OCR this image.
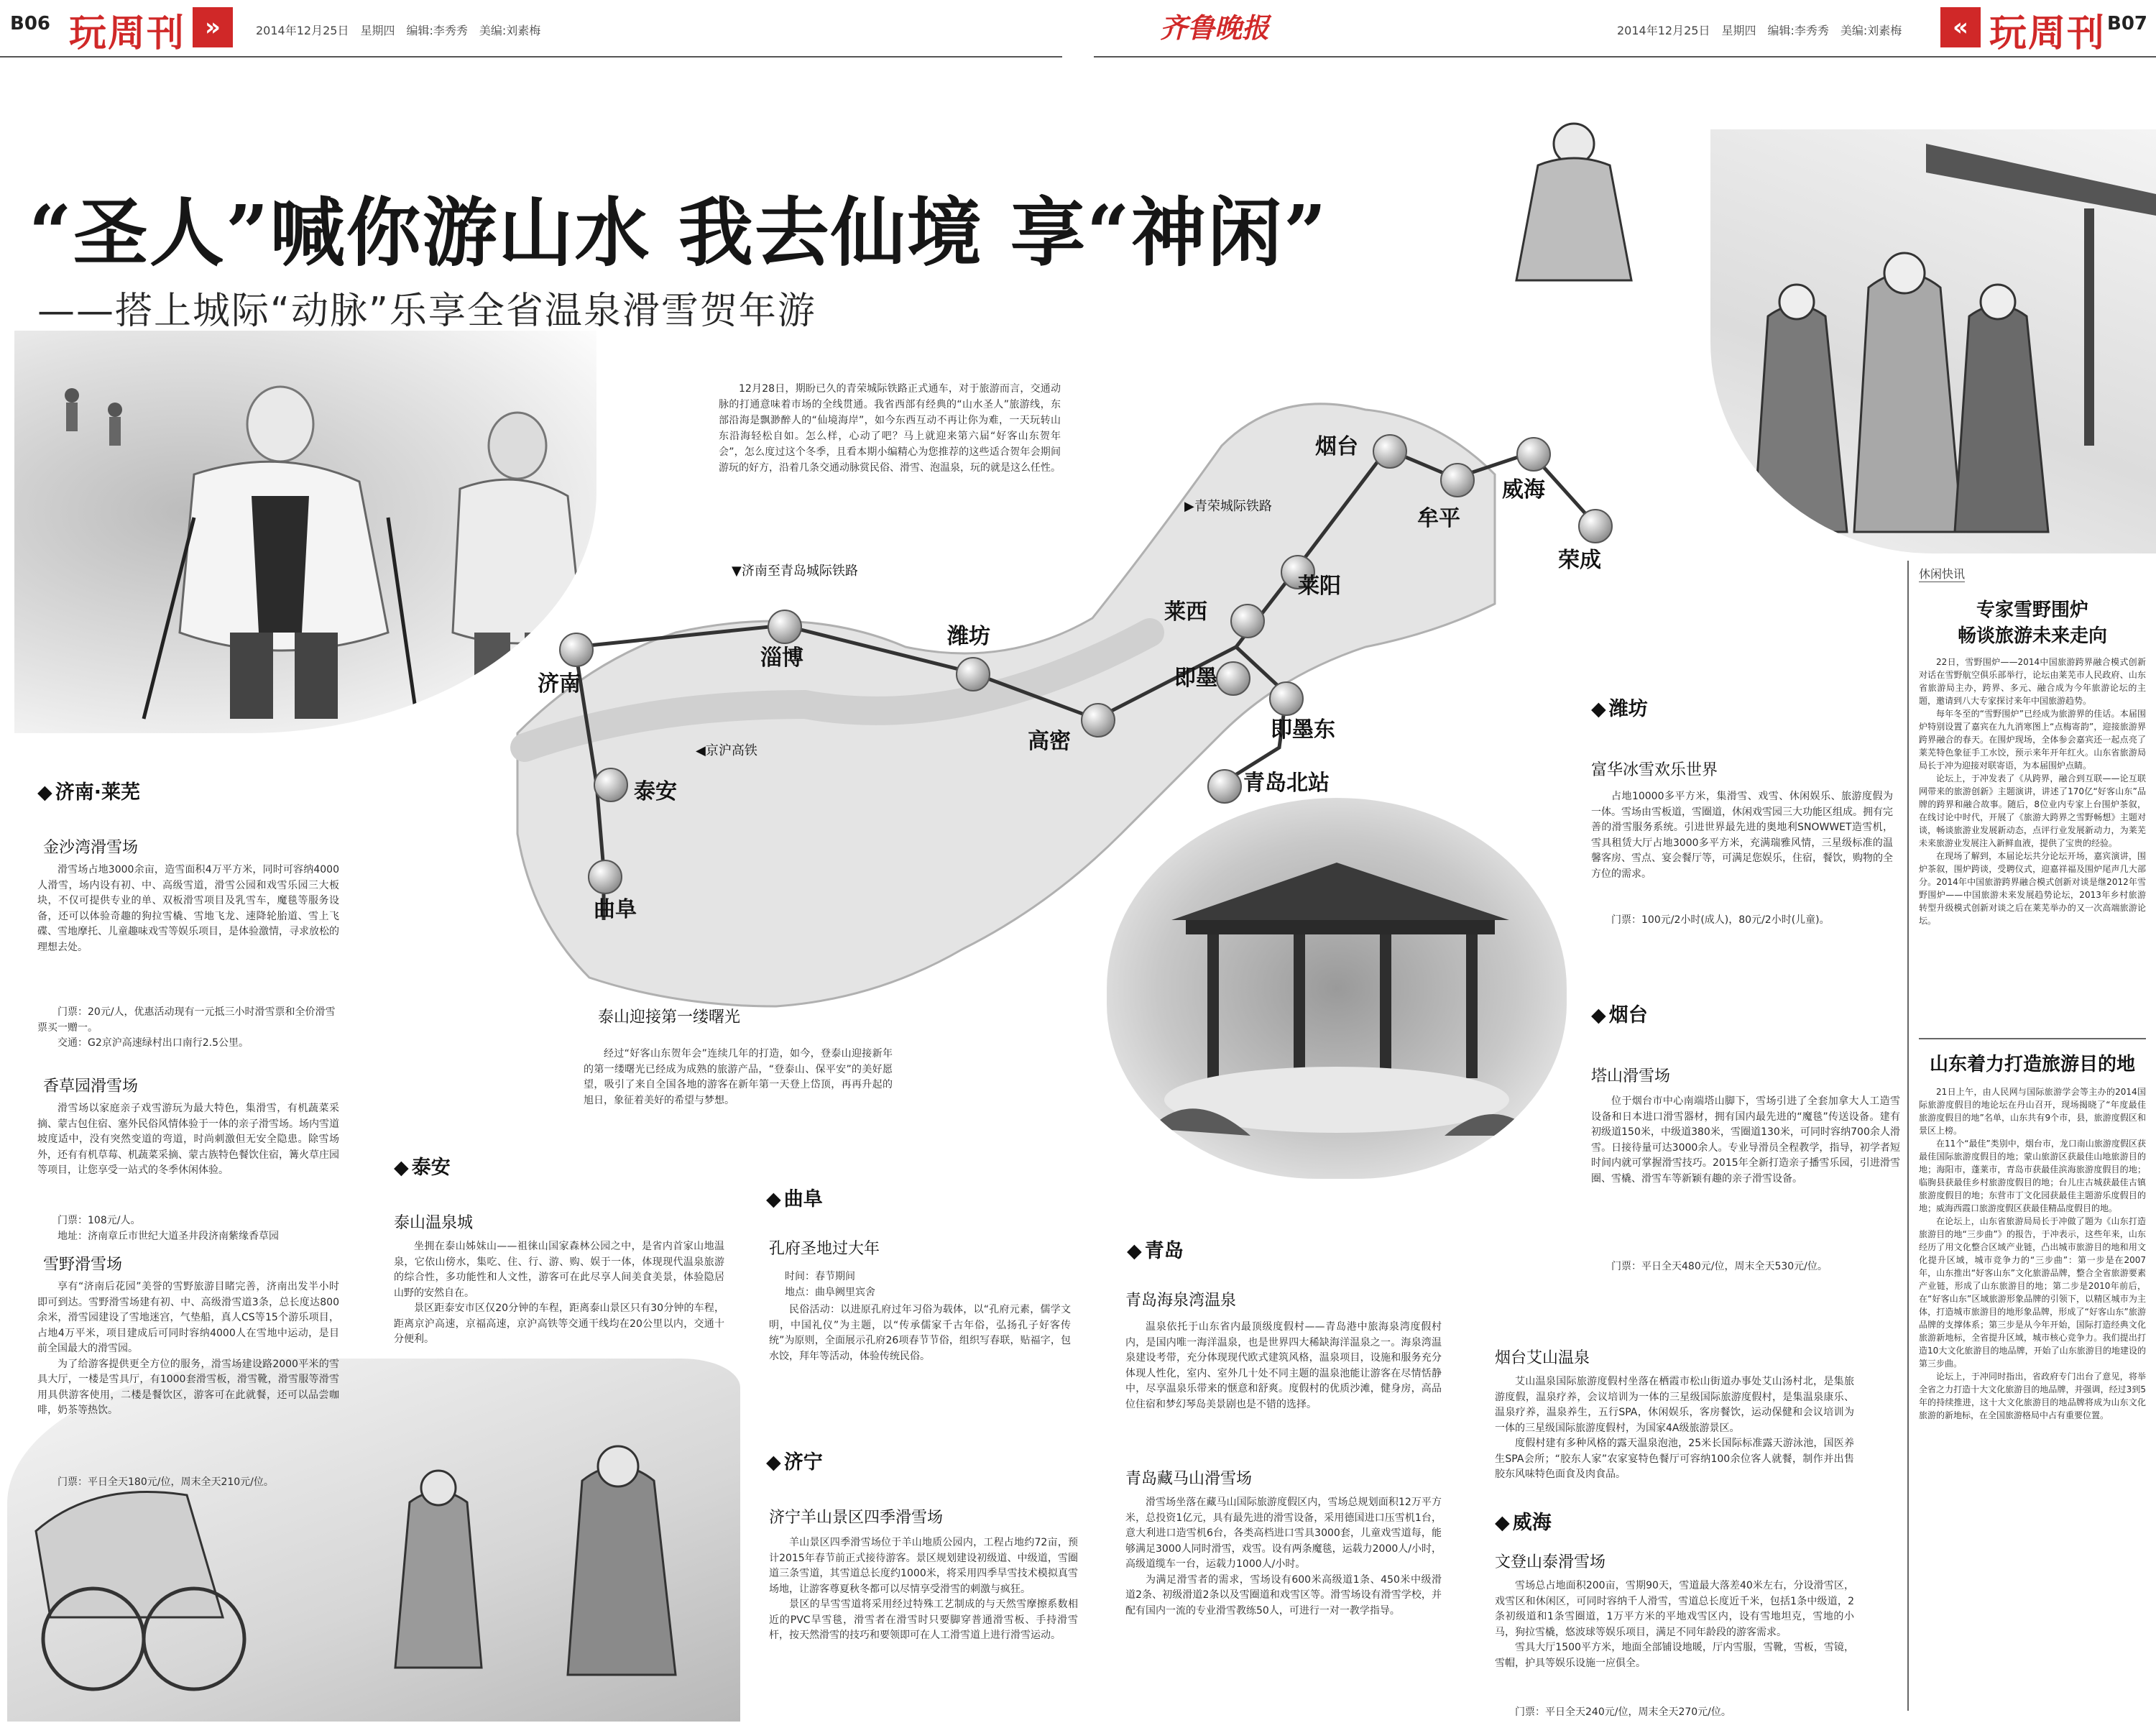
B06 玩周刊 »	2014年12月25日　星期四　编辑:李秀秀　美编:刘素梅	齐鲁晚报	2014年12月25日　星期四　编辑:李秀秀　美编:刘素梅	« 玩周刊 B07
“圣人”喊你游山水 我去仙境 享“神闲”
——搭上城际“动脉”乐享全省温泉滑雪贺年游

12月28日，期盼已久的青荣城际铁路正式通车，对于旅游而言，交通动脉的打通意味着市场的全线贯通。我省西部有经典的“山水圣人”旅游线，东部沿海是飘渺醉人的“仙境海岸”，如今东西互动不再让你为难，一天玩转山东沿海轻松自如。怎么样，心动了吧？马上就迎来第六届“好客山东贺年会”，怎么度过这个冬季，且看本期小编精心为您推荐的这些适合贺年会期间游玩的好方，沿着几条交通动脉赏民俗、滑雪、泡温泉，玩的就是这么任性。

▶青荣城际铁路
▼济南至青岛城际铁路
◀京沪高铁
烟台
牟平
威海
荣成
莱阳
莱西
即墨
即墨东
青岛北站
高密
潍坊
淄博
济南
泰安
曲阜
◆ 济南·莱芜
金沙湾滑雪场

滑雪场占地3000余亩，造雪面积4万平方米，同时可容纳4000人滑雪，场内设有初、中、高级雪道，滑雪公园和戏雪乐园三大板块，不仅可提供专业的单、双板滑雪项目及乳雪车，魔毯等服务设备，还可以体验奇趣的狗拉雪橇、雪地飞龙、速降轮胎道、雪上飞碟、雪地摩托、儿童趣味戏雪等娱乐项目，是体验激情，寻求放松的理想去处。

门票：20元/人，优惠活动现有一元抵三小时滑雪票和全价滑雪票买一赠一。
交通：G2京沪高速绿村出口南行2.5公里。
香草园滑雪场

滑雪场以家庭亲子戏雪游玩为最大特色，集滑雪，有机蔬菜采摘、蒙古包住宿、塞外民俗风情体验于一体的亲子滑雪场。场内雪道坡度适中，没有突然变道的弯道，时尚刺激但无安全隐患。除雪场外，还有有机草莓、机蔬菜采摘、蒙古族特色餐饮住宿，篝火草庄园等项目，让您享受一站式的冬季休闲体验。

门票：108元/人。
地址：济南章丘市世纪大道圣井段济南紫缘香草园
雪野滑雪场

享有“济南后花园”美誉的雪野旅游目睹完善，济南出发半小时即可到达。雪野滑雪场建有初、中、高级滑雪道3条，总长度达800余米，滑雪园建设了雪地迷宫，气垫船，真人CS等15个游乐项目，占地4万平米，项目建成后可同时容纳4000人在雪地中运动，是目前全国最大的滑雪园。

为了给游客提供更全方位的服务，滑雪场建设路2000平米的雪具大厅，一楼是雪具厅，有1000套滑雪板，滑雪靴，滑雪服等滑雪用具供游客使用，二楼是餐饮区，游客可在此就餐，还可以品尝咖啡，奶茶等热饮。

门票：平日全天180元/位，周末全天210元/位。
泰山迎接第一缕曙光

经过“好客山东贺年会”连续几年的打造，如今，登泰山迎接新年的第一缕曙光已经成为成熟的旅游产品，“登泰山、保平安”的美好愿望，吸引了来自全国各地的游客在新年第一天登上岱顶，再再升起的旭日，象征着美好的希望与梦想。

◆ 泰安
泰山温泉城

坐拥在泰山姊妹山——祖徕山国家森林公园之中，是省内首家山地温泉，它依山傍水，集吃、住、行、游、购、娱于一体，体现现代温泉旅游的综合性，多功能性和人文性，游客可在此尽享人间美食美景，体验隐居山野的安然自在。

景区距泰安市区仅20分钟的车程，距离泰山景区只有30分钟的车程，距离京沪高速，京福高速，京沪高铁等交通干线均在20公里以内，交通十分便利。

◆ 曲阜
孔府圣地过大年
时间：春节期间
地点：曲阜阙里宾舍

民俗活动：以进原孔府过年习俗为载体，以“孔府元素，儒学文明，中国礼仪”为主题，以“传承儒家千古年俗，弘扬孔子好客传统”为原则，全面展示孔府26项春节节俗，组织写春联，贴福字，包水饺，拜年等活动，体验传统民俗。

◆ 济宁
济宁羊山景区四季滑雪场

羊山景区四季滑雪场位于羊山地质公园内，工程占地约72亩，预计2015年春节前正式接待游客。景区规划建设初级道、中级道，雪圈道三条雪道，其雪道总长度约1000米，将采用四季旱雪技术模拟真雪场地，让游客尊夏秋冬都可以尽情享受滑雪的刺激与疯狂。

景区的旱雪雪道将采用经过特殊工艺制成的与天然雪摩擦系数相近的PVC旱雪毯，滑雪者在滑雪时只要脚穿普通滑雪板、手持滑雪杆，按天然滑雪的技巧和要领即可在人工滑雪道上进行滑雪运动。

◆ 青岛
青岛海泉湾温泉

温泉依托于山东省内最顶级度假村——青岛港中旅海泉湾度假村内，是国内唯一海洋温泉，也是世界四大稀缺海洋温泉之一。海泉湾温泉建设考带，充分体现现代欧式建筑风格，温泉项目，设施和服务充分体现人性化，室内、室外几十处不同主题的温泉池能让游客在尽情恬静中，尽享温泉乐带来的惬意和舒爽。度假村的优质沙滩，健身房，高品位住宿和梦幻琴岛美景剧也是不错的选择。

青岛藏马山滑雪场

滑雪场坐落在藏马山国际旅游度假区内，雪场总规划面积12万平方米，总投资1亿元，具有最先进的滑雪设备，采用德国进口压雪机1台，意大利进口造雪机6台，各类高档进口雪具3000套，儿童戏雪道每，能够满足3000人同时滑雪，戏雪。设有两条魔毯，运载力2000人/小时，高级道缆车一台，运载力1000人/小时。

为满足滑雪者的需求，雪场设有600米高级道1条、450米中级滑道2条、初级滑道2条以及雪圈道和戏雪区等。滑雪场设有滑雪学校，并配有国内一流的专业滑雪教练50人，可进行一对一教学指导。

◆ 潍坊
富华冰雪欢乐世界

占地10000多平方米，集滑雪、戏雪、休闲娱乐、旅游度假为一体。雪场由雪板道，雪圈道，休闲戏雪园三大功能区组成。拥有完善的滑雪服务系统。引进世界最先进的奥地利SNOWWET造雪机，雪具租赁大厅占地3000多平方米，充满瑞雅风情，三星级标准的温馨客房、雪点、宴会餐厅等，可满足您娱乐，住宿，餐饮，购物的全方位的需求。

门票：100元/2小时(成人)，80元/2小时(儿童)。
◆ 烟台
塔山滑雪场

位于烟台市中心南端塔山脚下，雪场引进了全套加拿大人工造雪设备和日本进口滑雪器材，拥有国内最先进的“魔毯”传送设备。建有初级道150米，中级道380米，雪圈道130米，可同时容纳700余人滑雪。日接待量可达3000余人。专业导滑员全程教学，指导，初学者短时间内就可掌握滑雪技巧。2015年全新打造亲子播雪乐园，引进滑雪圈、雪橇、滑雪车等新颖有趣的亲子滑雪设备。

门票：平日全天480元/位，周末全天530元/位。
烟台艾山温泉

艾山温泉国际旅游度假村坐落在栖霞市松山街道办事处艾山汤村北，是集旅游度假，温泉疗养，会议培训为一体的三星级国际旅游度假村，是集温泉康乐、温泉疗养，温泉养生，五行SPA，休闲娱乐，客房餐饮，运动保健和会议培训为一体的三星级国际旅游度假村，为国家4A级旅游景区。

度假村建有多种风格的露天温泉泡池，25米长国际标准露天游泳池，国医养生SPA会所；“胶东人家”农家宴特色餐厅可容纳100余位客人就餐，制作并出售胶东风味特色面食及肉食品。

◆ 威海
文登山泰滑雪场

雪场总占地面积200亩，雪期90天，雪道最大落差40米左右，分设滑雪区，戏雪区和休闲区，可同时容纳千人滑雪，雪道总长度近千米，包括1条中级道，2条初级道和1条雪圈道，1万平方米的平地戏雪区内，设有雪地坦克，雪地的小马，狗拉雪橇，悠波球等娱乐项目，满足不同年龄段的游客需求。

雪具大厅1500平方米，地面全部铺设地暖，厅内雪服，雪靴，雪板，雪镜，雪帽，护具等娱乐设施一应俱全。

门票：平日全天240元/位，周末全天270元/位。
休闲快讯
专家雪野围炉
畅谈旅游未来走向

22日，雪野围炉——2014中国旅游跨界融合模式创新对话在雪野航空俱乐部举行，论坛由莱芜市人民政府、山东省旅游局主办，跨界、多元、融合成为今年旅游论坛的主题，邀请到八大专家探讨来年中国旅游趋势。

每年冬至的“雪野围炉”已经成为旅游界的佳话。本届围炉特别设置了嘉宾在九九消寒图上“点梅寄韵”，迎接旅游界跨界融合的春天。在围炉现场，全体参会嘉宾还一起点亮了莱芜特色象征手工水饺，预示来年开年红火。山东省旅游局局长于冲为迎接对联寄语，为本届围炉点睛。

论坛上，于冲发表了《从跨界，融合到互联——论互联网带来的旅游创新》主题演讲，讲述了170亿“好客山东”品牌的跨界和融合故事。随后，8位业内专家上台围炉茶叙，在线讨论中时代，开展了《旅游大跨界之雪野畅想》主题对谈，畅谈旅游业发展新动态，点评行业发展新动力，为莱芜未来旅游业发展注入新鲜血液，提供了宝贵的经验。

在现场了解到，本届论坛共分论坛开场，嘉宾演讲，围炉茶叙，围炉跨谈，受聘仪式，迎嘉祥福及围炉尾声几大部分。2014年中国旅游跨界融合模式创新对谈是继2012年雪野围炉——中国旅游未来发展趋势论坛，2013年乡村旅游转型升级模式创新对谈之后在莱芜举办的又一次高端旅游论坛。

山东着力打造旅游目的地

21日上午，由人民网与国际旅游学会等主办的2014国际旅游度假目的地论坛在丹山召开，现场揭晓了“年度最佳旅游度假目的地”名单，山东共有9个市，县，旅游度假区和景区上榜。

在11个“最佳”类别中，烟台市，龙口南山旅游度假区获最佳国际旅游度假目的地；蒙山旅游区获最佳山地旅游目的地；海阳市，蓬莱市，青岛市获最佳滨海旅游度假目的地；临朐县获最佳乡村旅游度假目的地；台儿庄古城获最佳古镇旅游度假目的地；东营市丁文化园获最佳主题游乐度假目的地；威海西霞口旅游度假区获最佳精品度假目的地。

在论坛上，山东省旅游局局长于冲做了题为《山东打造旅游目的地“三步曲”》的报告，于冲表示，这些年来，山东经历了用文化整合区域产业链，凸出城市旅游目的地和用文化提升区域，城市竞争力的“三步曲”：第一步是在2007年，山东推出“好客山东”文化旅游品牌，整合全省旅游要素产业链，形成了山东旅游目的地；第二步是2010年前后，在“好客山东”区域旅游形象品牌的引领下，以精区城市为主体，打造城市旅游目的地形象品牌，形成了“好客山东”旅游品牌的支撑体系；第三步是从今年开始，国际打造经典文化旅游新地标，全省提升区域，城市核心竞争力。我们提出打造10大文化旅游目的地品牌，开始了山东旅游目的地建设的第三步曲。

论坛上，于冲同时指出，省政府专门出台了意见，将举全省之力打造十大文化旅游目的地品牌，并强调，经过3到5年的持续推进，这十大文化旅游目的地品牌将成为山东文化旅游的新地标，在全国旅游格局中占有重要位置。
